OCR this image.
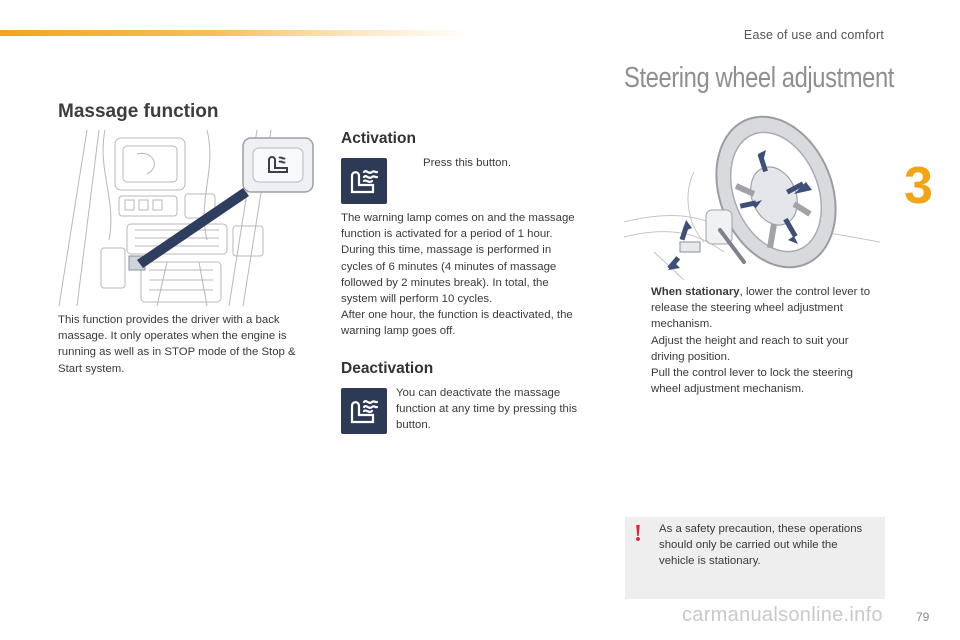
Ease of use and comfort
3
Massage function
This function provides the driver with a back massage. It only operates when the engine is running as well as in STOP mode of the Stop & Start system.
Activation
Press this button.
The warning lamp comes on and the massage
function is activated for a period of 1 hour.
During this time, massage is performed in
cycles of 6 minutes (4 minutes of massage
followed by 2 minutes break). In total, the
system will perform 10 cycles.
After one hour, the function is deactivated, the
warning lamp goes off.
Deactivation
You can deactivate the massage function at any time by pressing this button.
Steering wheel adjustment
When stationary, lower the control lever to release the steering wheel adjustment mechanism.
Adjust the height and reach to suit your driving position.
Pull the control lever to lock the steering wheel adjustment mechanism.
! As a safety precaution, these operations should only be carried out while the vehicle is stationary.
79
carmanualsonline.info
